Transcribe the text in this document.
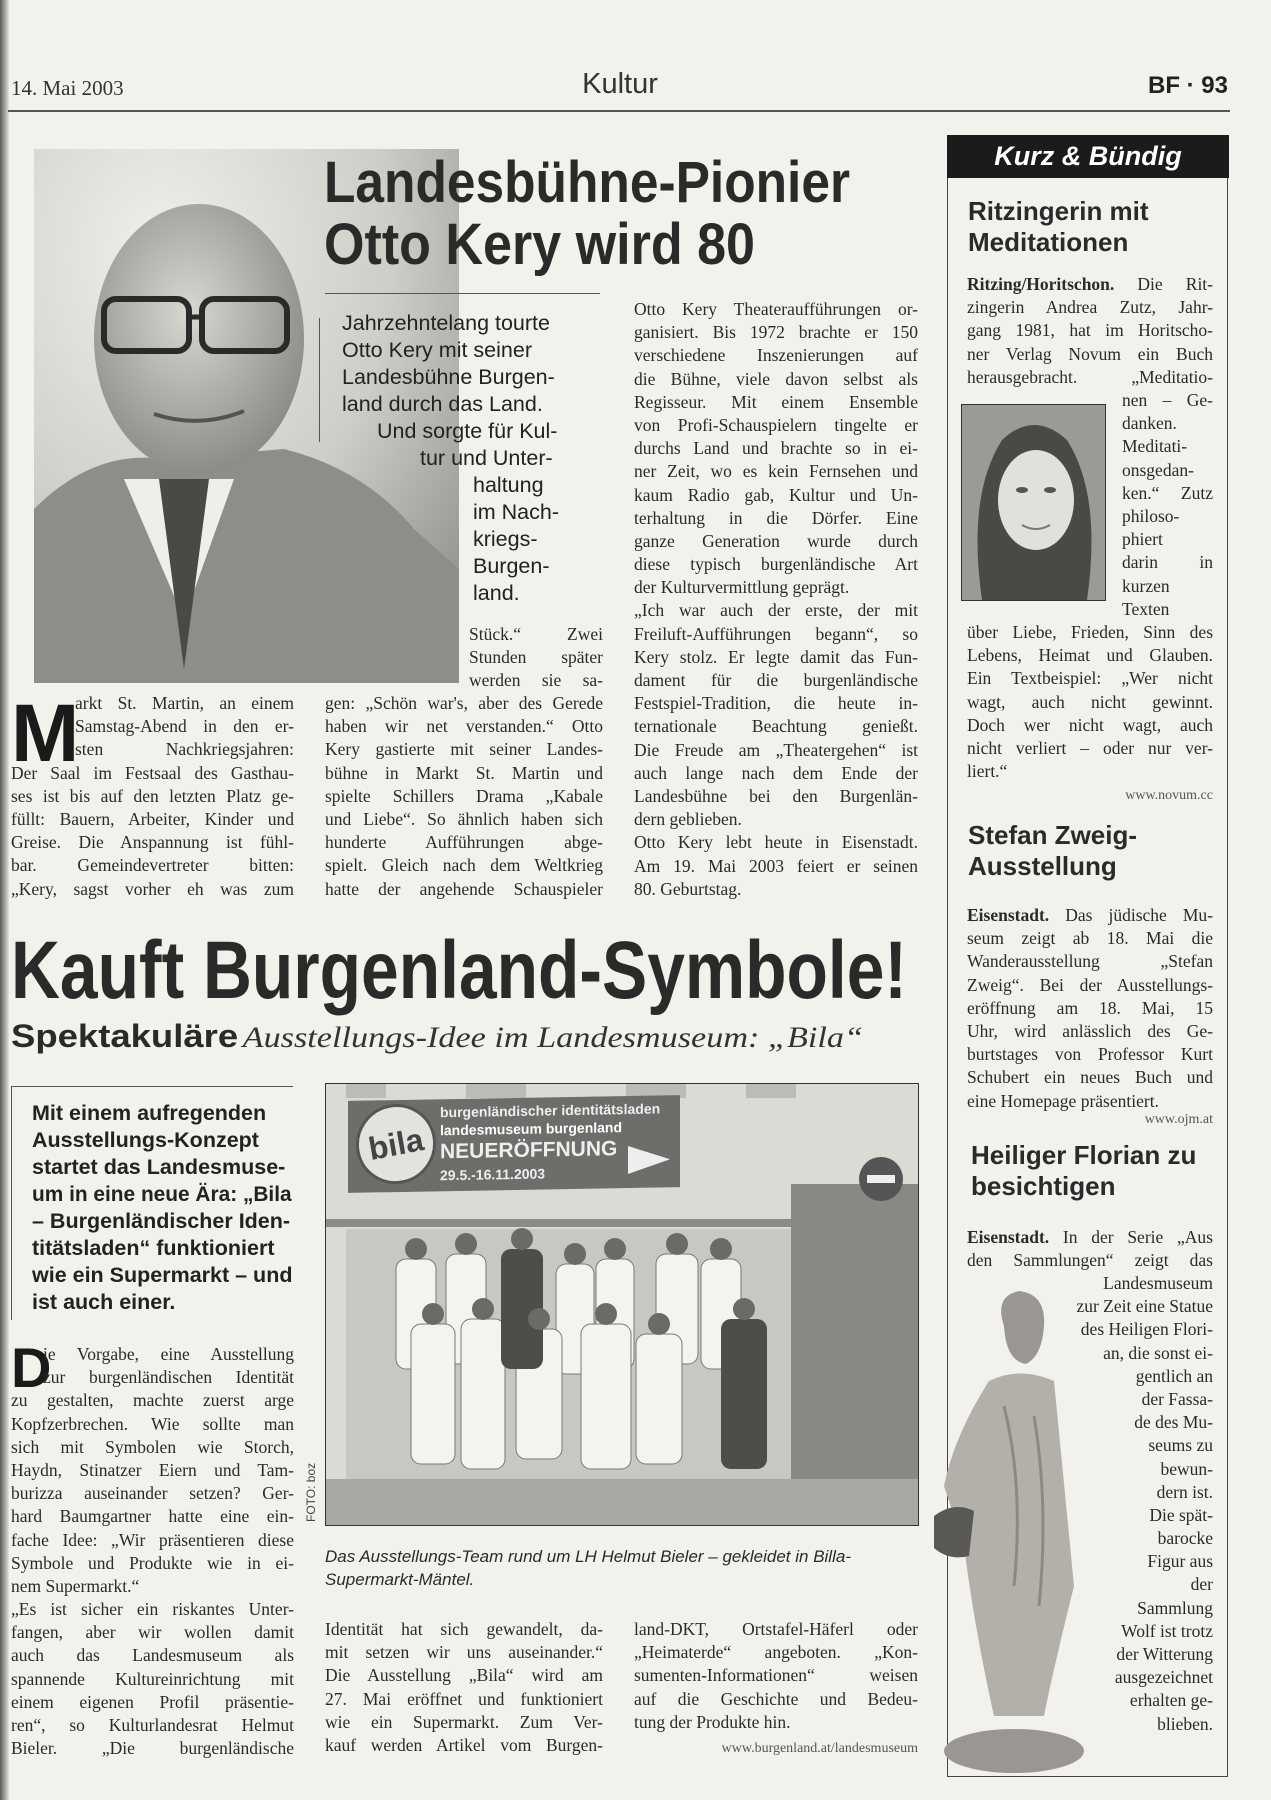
14. Mai 2003	Kultur	BF · 93
Landesbühne-Pionier
Otto Kery wird 80
Jahrzehntelang tourte
Otto Kery mit seiner
Landesbühne Burgen-
land durch das Land.
Und sorgte für Kul-
tur und Unter-
haltung
im Nach-
kriegs-
Burgen-
land.
M
arkt St. Martin, an einem
Samstag-Abend in den er-
sten Nachkriegsjahren:
Der Saal im Festsaal des Gasthau-
ses ist bis auf den letzten Platz ge-
füllt: Bauern, Arbeiter, Kinder und
Greise. Die Anspannung ist fühl-
bar. Gemeindevertreter bitten:
„Kery, sagst vorher eh was zum
Stück.“ Zwei
Stunden später
werden sie sa-
gen: „Schön war's, aber des Gerede
haben wir net verstanden.“ Otto
Kery gastierte mit seiner Landes-
bühne in Markt St. Martin und
spielte Schillers Drama „Kabale
und Liebe“. So ähnlich haben sich
hunderte Aufführungen abge-
spielt. Gleich nach dem Weltkrieg
hatte der angehende Schauspieler
Otto Kery Theateraufführungen or-
ganisiert. Bis 1972 brachte er 150
verschiedene Inszenierungen auf
die Bühne, viele davon selbst als
Regisseur. Mit einem Ensemble
von Profi-Schauspielern tingelte er
durchs Land und brachte so in ei-
ner Zeit, wo es kein Fernsehen und
kaum Radio gab, Kultur und Un-
terhaltung in die Dörfer. Eine
ganze Generation wurde durch
diese typisch burgenländische Art
der Kulturvermittlung geprägt.
„Ich war auch der erste, der mit
Freiluft-Aufführungen begann“, so
Kery stolz. Er legte damit das Fun-
dament für die burgenländische
Festspiel-Tradition, die heute in-
ternationale Beachtung genießt.
Die Freude am „Theatergehen“ ist
auch lange nach dem Ende der
Landesbühne bei den Burgenlän-
dern geblieben.
Otto Kery lebt heute in Eisenstadt.
Am 19. Mai 2003 feiert er seinen
80. Geburtstag.
Kauft Burgenland-Symbole!
Spektakuläre Ausstellungs-Idee im Landesmuseum: „Bila“
Mit einem aufregenden
Ausstellungs-Konzept
startet das Landesmuse-
um in eine neue Ära: „Bila
– Burgenländischer Iden-
titätsladen“ funktioniert
wie ein Supermarkt – und
ist auch einer.
D
ie Vorgabe, eine Ausstellung
zur burgenländischen Identität
zu gestalten, machte zuerst arge
Kopfzerbrechen. Wie sollte man
sich mit Symbolen wie Storch,
Haydn, Stinatzer Eiern und Tam-
burizza auseinander setzen? Ger-
hard Baumgartner hatte eine ein-
fache Idee: „Wir präsentieren diese
Symbole und Produkte wie in ei-
nem Supermarkt.“
„Es ist sicher ein riskantes Unter-
fangen, aber wir wollen damit
auch das Landesmuseum als
spannende Kultureinrichtung mit
einem eigenen Profil präsentie-
ren“, so Kulturlandesrat Helmut
Bieler. „Die burgenländische
bila
burgenländischer identitätsladen
landesmuseum burgenland
NEUERÖFFNUNG
29.5.-16.11.2003
FOTO: boz
Das Ausstellungs-Team rund um LH Helmut Bieler – gekleidet in Billa-
Supermarkt-Mäntel.
Identität hat sich gewandelt, da-
mit setzen wir uns auseinander.“
Die Ausstellung „Bila“ wird am
27. Mai eröffnet und funktioniert
wie ein Supermarkt. Zum Ver-
kauf werden Artikel vom Burgen-
land-DKT, Ortstafel-Häferl oder
„Heimaterde“ angeboten. „Kon-
sumenten-Informationen“ weisen
auf die Geschichte und Bedeu-
tung der Produkte hin.
www.burgenland.at/landesmuseum
Kurz & Bündig
Ritzingerin mit
Meditationen
Ritzing/Horitschon. Die Rit-
zingerin Andrea Zutz, Jahr-
gang 1981, hat im Horitscho-
ner Verlag Novum ein Buch
herausgebracht. „Meditatio-
nen – Ge-
danken.
Meditati-
onsgedan-
ken.“ Zutz
philoso-
phiert
darin in
kurzen
Texten
über Liebe, Frieden, Sinn des
Lebens, Heimat und Glauben.
Ein Textbeispiel: „Wer nicht
wagt, auch nicht gewinnt.
Doch wer nicht wagt, auch
nicht verliert – oder nur ver-
liert.“
www.novum.cc
Stefan Zweig-
Ausstellung
Eisenstadt. Das jüdische Mu-
seum zeigt ab 18. Mai die
Wanderausstellung „Stefan
Zweig“. Bei der Ausstellungs-
eröffnung am 18. Mai, 15
Uhr, wird anlässlich des Ge-
burtstages von Professor Kurt
Schubert ein neues Buch und
eine Homepage präsentiert.
www.ojm.at
Heiliger Florian zu
besichtigen
Eisenstadt. In der Serie „Aus
den Sammlungen“ zeigt das
Landesmuseum
zur Zeit eine Statue
des Heiligen Flori-
an, die sonst ei-
gentlich an
der Fassa-
de des Mu-
seums zu
bewun-
dern ist.
Die spät-
barocke
Figur aus
der
Sammlung
Wolf ist trotz
der Witterung
ausgezeichnet
erhalten ge-
blieben.
